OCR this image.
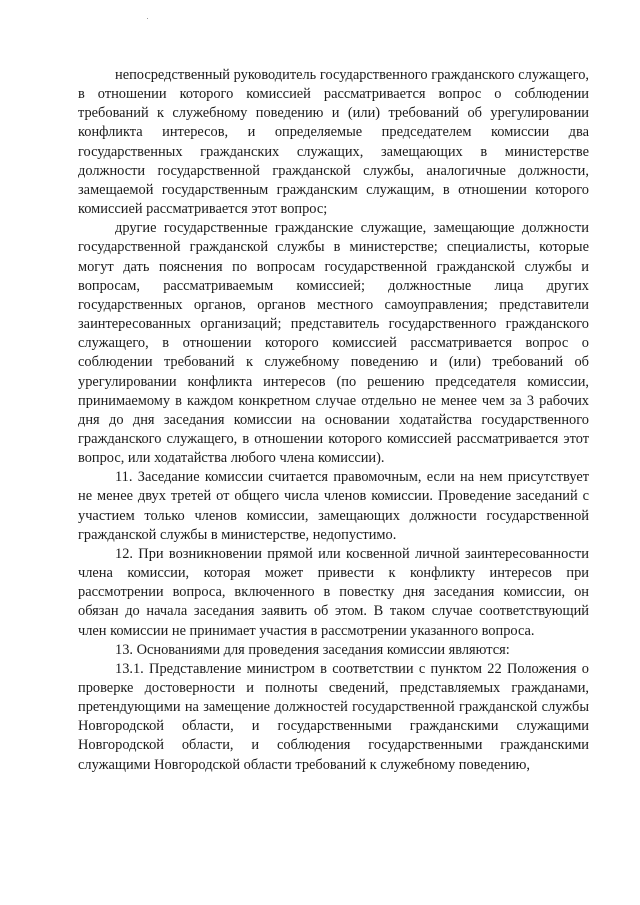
непосредственный руководитель государственного гражданского служащего, в отношении которого комиссией рассматривается вопрос о соблюдении требований к служебному поведению и (или) требований об урегулировании конфликта интересов, и определяемые председателем комиссии два государственных гражданских служащих, замещающих в министерстве должности государственной гражданской службы, аналогичные должности, замещаемой государственным гражданским служащим, в отношении которого комиссией рассматривается этот вопрос;

другие государственные гражданские служащие, замещающие должности государственной гражданской службы в министерстве; специалисты, которые могут дать пояснения по вопросам государственной гражданской службы и вопросам, рассматриваемым комиссией; должностные лица других государственных органов, органов местного самоуправления; представители заинтересованных организаций; представитель государственного гражданского служащего, в отношении которого комиссией рассматривается вопрос о соблюдении требований к служебному поведению и (или) требований об урегулировании конфликта интересов (по решению председателя комиссии, принимаемому в каждом конкретном случае отдельно не менее чем за 3 рабочих дня до дня заседания комиссии на основании ходатайства государственного гражданского служащего, в отношении которого комиссией рассматривается этот вопрос, или ходатайства любого члена комиссии).

11. Заседание комиссии считается правомочным, если на нем присутствует не менее двух третей от общего числа членов комиссии. Проведение заседаний с участием только членов комиссии, замещающих должности государственной гражданской службы в министерстве, недопустимо.

12. При возникновении прямой или косвенной личной заинтересованности члена комиссии, которая может привести к конфликту интересов при рассмотрении вопроса, включенного в повестку дня заседания комиссии, он обязан до начала заседания заявить об этом. В таком случае соответствующий член комиссии не принимает участия в рассмотрении указанного вопроса.

13. Основаниями для проведения заседания комиссии являются:

13.1. Представление министром в соответствии с пунктом 22 Положения о проверке достоверности и полноты сведений, представляемых гражданами, претендующими на замещение должностей государственной гражданской службы Новгородской области, и государственными гражданскими служащими Новгородской области, и соблюдения государственными гражданскими служащими Новгородской области требований к служебному поведению,
